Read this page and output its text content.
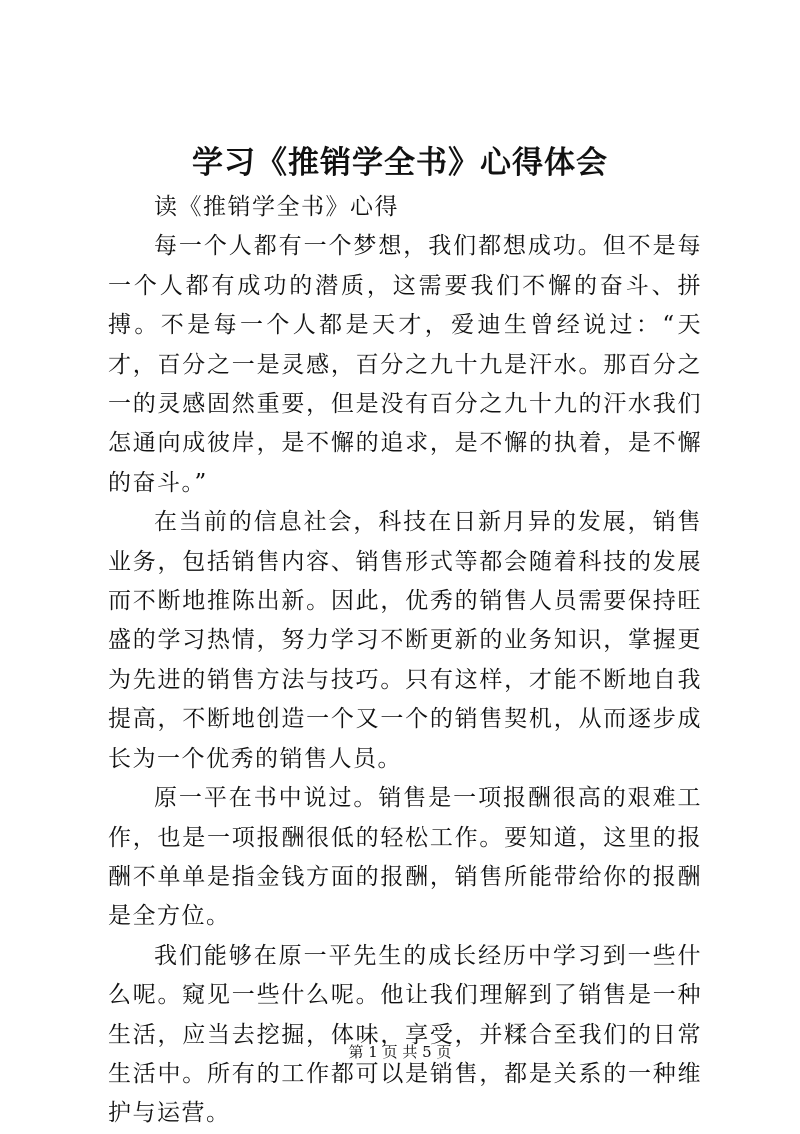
学习《推销学全书》心得体会

读《推销学全书》心得

每一个人都有一个梦想，我们都想成功。但不是每一个人都有成功的潜质，这需要我们不懈的奋斗、拼搏。不是每一个人都是天才，爱迪生曾经说过：“天才，百分之一是灵感，百分之九十九是汗水。那百分之一的灵感固然重要，但是没有百分之九十九的汗水我们怎通向成彼岸，是不懈的追求，是不懈的执着，是不懈的奋斗。”

在当前的信息社会，科技在日新月异的发展，销售业务，包括销售内容、销售形式等都会随着科技的发展而不断地推陈出新。因此，优秀的销售人员需要保持旺盛的学习热情，努力学习不断更新的业务知识，掌握更为先进的销售方法与技巧。只有这样，才能不断地自我提高，不断地创造一个又一个的销售契机，从而逐步成长为一个优秀的销售人员。

原一平在书中说过。销售是一项报酬很高的艰难工作，也是一项报酬很低的轻松工作。要知道，这里的报酬不单单是指金钱方面的报酬，销售所能带给你的报酬是全方位。

我们能够在原一平先生的成长经历中学习到一些什么呢。窥见一些什么呢。他让我们理解到了销售是一种生活，应当去挖掘，体味，享受，并糅合至我们的日常生活中。所有的工作都可以是销售，都是关系的一种维护与运营。

第 1 页 共 5 页
